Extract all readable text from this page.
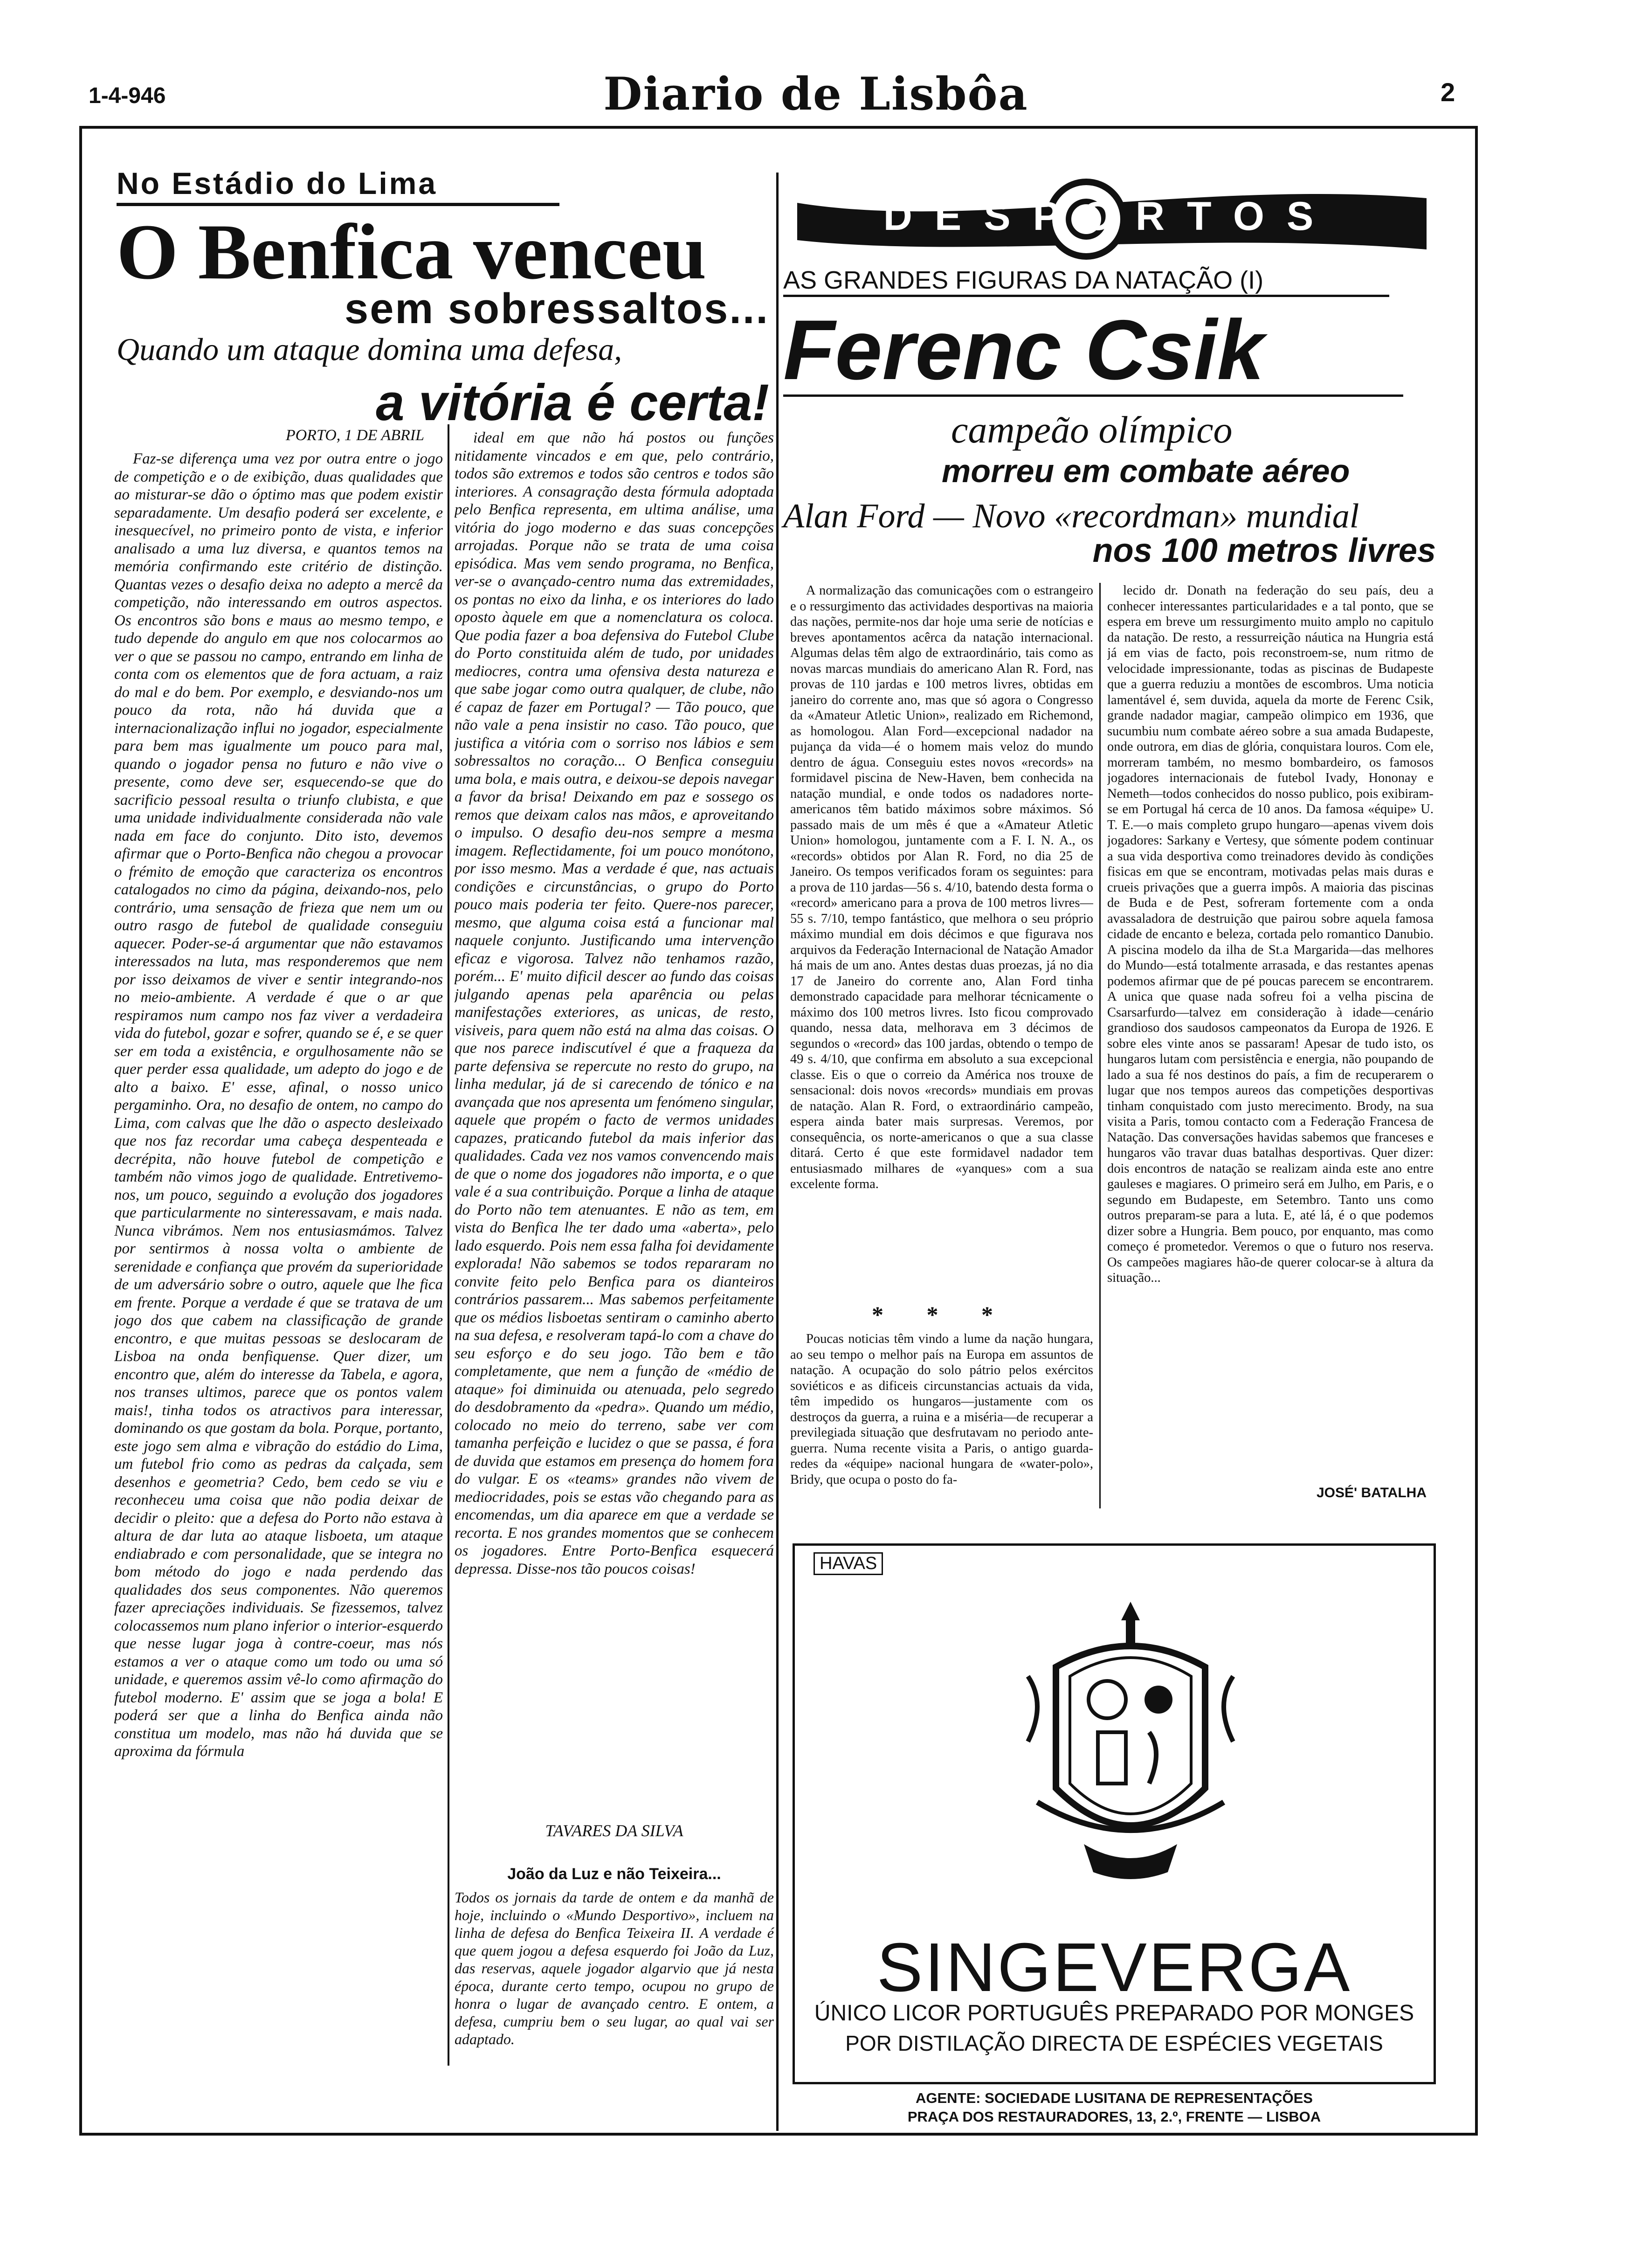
1-4-946	Diario de Lisbôa	2
No Estádio do Lima
O Benfica venceu
sem sobressaltos...
Quando um ataque domina uma defesa,
a vitória é certa!
PORTO, 1 DE ABRIL
Faz-se diferença uma vez por outra entre o jogo de competição e o de exibição, duas qualidades que ao misturar-se dão o óptimo mas que podem existir separadamente. Um desafio poderá ser excelente, e inesquecível, no primeiro ponto de vista, e inferior analisado a uma luz diversa, e quantos temos na memória confirmando este critério de distinção. Quantas vezes o desafio deixa no adepto a mercê da competição, não interessando em outros aspectos. Os encontros são bons e maus ao mesmo tempo, e tudo depende do angulo em que nos colocarmos ao ver o que se passou no campo, entrando em linha de conta com os elementos que de fora actuam, a raiz do mal e do bem. Por exemplo, e desviando-nos um pouco da rota, não há duvida que a internacionalização influi no jogador, especialmente para bem mas igualmente um pouco para mal, quando o jogador pensa no futuro e não vive o presente, como deve ser, esquecendo-se que do sacrificio pessoal resulta o triunfo clubista, e que uma unidade individualmente considerada não vale nada em face do conjunto. Dito isto, devemos afirmar que o Porto-Benfica não chegou a provocar o frémito de emoção que caracteriza os encontros catalogados no cimo da página, deixando-nos, pelo contrário, uma sensação de frieza que nem um ou outro rasgo de futebol de qualidade conseguiu aquecer. Poder-se-á argumentar que não estavamos interessados na luta, mas responderemos que nem por isso deixamos de viver e sentir integrando-nos no meio-ambiente. A verdade é que o ar que respiramos num campo nos faz viver a verdadeira vida do futebol, gozar e sofrer, quando se é, e se quer ser em toda a existência, e orgulhosamente não se quer perder essa qualidade, um adepto do jogo e de alto a baixo. E' esse, afinal, o nosso unico pergaminho. Ora, no desafio de ontem, no campo do Lima, com calvas que lhe dão o aspecto desleixado que nos faz recordar uma cabeça despenteada e decrépita, não houve futebol de competição e também não vimos jogo de qualidade. Entretivemo-nos, um pouco, seguindo a evolução dos jogadores que particularmente no sinteressavam, e mais nada. Nunca vibrámos. Nem nos entusiasmámos. Talvez por sentirmos à nossa volta o ambiente de serenidade e confiança que provém da superioridade de um adversário sobre o outro, aquele que lhe fica em frente. Porque a verdade é que se tratava de um jogo dos que cabem na classificação de grande encontro, e que muitas pessoas se deslocaram de Lisboa na onda benfiquense. Quer dizer, um encontro que, além do interesse da Tabela, e agora, nos transes ultimos, parece que os pontos valem mais!, tinha todos os atractivos para interessar, dominando os que gostam da bola. Porque, portanto, este jogo sem alma e vibração do estádio do Lima, um futebol frio como as pedras da calçada, sem desenhos e geometria? Cedo, bem cedo se viu e reconheceu uma coisa que não podia deixar de decidir o pleito: que a defesa do Porto não estava à altura de dar luta ao ataque lisboeta, um ataque endiabrado e com personalidade, que se integra no bom método do jogo e nada perdendo das qualidades dos seus componentes. Não queremos fazer apreciações individuais. Se fizessemos, talvez colocassemos num plano inferior o interior-esquerdo que nesse lugar joga à contre-coeur, mas nós estamos a ver o ataque como um todo ou uma só unidade, e queremos assim vê-lo como afirmação do futebol moderno. E' assim que se joga a bola! E poderá ser que a linha do Benfica ainda não constitua um modelo, mas não há duvida que se aproxima da fórmula
ideal em que não há postos ou funções nitidamente vincados e em que, pelo contrário, todos são extremos e todos são centros e todos são interiores. A consagração desta fórmula adoptada pelo Benfica representa, em ultima análise, uma vitória do jogo moderno e das suas concepções arrojadas. Porque não se trata de uma coisa episódica. Mas vem sendo programa, no Benfica, ver-se o avançado-centro numa das extremidades, os pontas no eixo da linha, e os interiores do lado oposto àquele em que a nomenclatura os coloca. Que podia fazer a boa defensiva do Futebol Clube do Porto constituida além de tudo, por unidades mediocres, contra uma ofensiva desta natureza e que sabe jogar como outra qualquer, de clube, não é capaz de fazer em Portugal? — Tão pouco, que não vale a pena insistir no caso. Tão pouco, que justifica a vitória com o sorriso nos lábios e sem sobressaltos no coração... O Benfica conseguiu uma bola, e mais outra, e deixou-se depois navegar a favor da brisa! Deixando em paz e sossego os remos que deixam calos nas mãos, e aproveitando o impulso. O desafio deu-nos sempre a mesma imagem. Reflectidamente, foi um pouco monótono, por isso mesmo. Mas a verdade é que, nas actuais condições e circunstâncias, o grupo do Porto pouco mais poderia ter feito. Quere-nos parecer, mesmo, que alguma coisa está a funcionar mal naquele conjunto. Justificando uma intervenção eficaz e vigorosa. Talvez não tenhamos razão, porém... E' muito dificil descer ao fundo das coisas julgando apenas pela aparência ou pelas manifestações exteriores, as unicas, de resto, visiveis, para quem não está na alma das coisas. O que nos parece indiscutível é que a fraqueza da parte defensiva se repercute no resto do grupo, na linha medular, já de si carecendo de tónico e na avançada que nos apresenta um fenómeno singular, aquele que propém o facto de vermos unidades capazes, praticando futebol da mais inferior das qualidades. Cada vez nos vamos convencendo mais de que o nome dos jogadores não importa, e o que vale é a sua contribuição. Porque a linha de ataque do Porto não tem atenuantes. E não as tem, em vista do Benfica lhe ter dado uma «aberta», pelo lado esquerdo. Pois nem essa falha foi devidamente explorada! Não sabemos se todos repararam no convite feito pelo Benfica para os dianteiros contrários passarem... Mas sabemos perfeitamente que os médios lisboetas sentiram o caminho aberto na sua defesa, e resolveram tapá-lo com a chave do seu esforço e do seu jogo. Tão bem e tão completamente, que nem a função de «médio de ataque» foi diminuida ou atenuada, pelo segredo do desdobramento da «pedra». Quando um médio, colocado no meio do terreno, sabe ver com tamanha perfeição e lucidez o que se passa, é fora de duvida que estamos em presença do homem fora do vulgar. E os «teams» grandes não vivem de mediocridades, pois se estas vão chegando para as encomendas, um dia aparece em que a verdade se recorta. E nos grandes momentos que se conhecem os jogadores. Entre Porto-Benfica esquecerá depressa. Disse-nos tão poucos coisas!
TAVARES DA SILVA
João da Luz e não Teixeira...
Todos os jornais da tarde de ontem e da manhã de hoje, incluindo o «Mundo Desportivo», incluem na linha de defesa do Benfica Teixeira II. A verdade é que quem jogou a defesa esquerdo foi João da Luz, das reservas, aquele jogador algarvio que já nesta época, durante certo tempo, ocupou no grupo de honra o lugar de avançado centro. E ontem, a defesa, cumpriu bem o seu lugar, ao qual vai ser adaptado.
DESPORTOS
AS GRANDES FIGURAS DA NATAÇÃO (I)
Ferenc Csik
campeão olímpico
morreu em combate aéreo
Alan Ford — Novo «recordman» mundial
nos 100 metros livres
A normalização das comunicações com o estrangeiro e o ressurgimento das actividades desportivas na maioria das nações, permite-nos dar hoje uma serie de notícias e breves apontamentos acêrca da natação internacional. Algumas delas têm algo de extraordinário, tais como as novas marcas mundiais do americano Alan R. Ford, nas provas de 110 jardas e 100 metros livres, obtidas em janeiro do corrente ano, mas que só agora o Congresso da «Amateur Atletic Union», realizado em Richemond, as homologou. Alan Ford—excepcional nadador na pujança da vida—é o homem mais veloz do mundo dentro de água. Conseguiu estes novos «records» na formidavel piscina de New-Haven, bem conhecida na natação mundial, e onde todos os nadadores norte-americanos têm batido máximos sobre máximos. Só passado mais de um mês é que a «Amateur Atletic Union» homologou, juntamente com a F. I. N. A., os «records» obtidos por Alan R. Ford, no dia 25 de Janeiro. Os tempos verificados foram os seguintes: para a prova de 110 jardas—56 s. 4/10, batendo desta forma o «record» americano para a prova de 100 metros livres—55 s. 7/10, tempo fantástico, que melhora o seu próprio máximo mundial em dois décimos e que figurava nos arquivos da Federação Internacional de Natação Amador há mais de um ano. Antes destas duas proezas, já no dia 17 de Janeiro do corrente ano, Alan Ford tinha demonstrado capacidade para melhorar técnicamente o máximo dos 100 metros livres. Isto ficou comprovado quando, nessa data, melhorava em 3 décimos de segundos o «record» das 100 jardas, obtendo o tempo de 49 s. 4/10, que confirma em absoluto a sua excepcional classe. Eis o que o correio da América nos trouxe de sensacional: dois novos «records» mundiais em provas de natação. Alan R. Ford, o extraordinário campeão, espera ainda bater mais surpresas. Veremos, por consequência, os norte-americanos o que a sua classe ditará. Certo é que este formidavel nadador tem entusiasmado milhares de «yanques» com a sua excelente forma.
* * *
Poucas noticias têm vindo a lume da nação hungara, ao seu tempo o melhor país na Europa em assuntos de natação. A ocupação do solo pátrio pelos exércitos soviéticos e as dificeis circunstancias actuais da vida, têm impedido os hungaros—justamente com os destroços da guerra, a ruina e a miséria—de recuperar a previlegiada situação que desfrutavam no periodo ante-guerra. Numa recente visita a Paris, o antigo guarda-redes da «équipe» nacional hungara de «water-polo», Bridy, que ocupa o posto do fa-
lecido dr. Donath na federação do seu país, deu a conhecer interessantes particularidades e a tal ponto, que se espera em breve um ressurgimento muito amplo no capitulo da natação. De resto, a ressurreição náutica na Hungria está já em vias de facto, pois reconstroem-se, num ritmo de velocidade impressionante, todas as piscinas de Budapeste que a guerra reduziu a montões de escombros. Uma noticia lamentável é, sem duvida, aquela da morte de Ferenc Csik, grande nadador magiar, campeão olimpico em 1936, que sucumbiu num combate aéreo sobre a sua amada Budapeste, onde outrora, em dias de glória, conquistara louros. Com ele, morreram também, no mesmo bombardeiro, os famosos jogadores internacionais de futebol Ivady, Hononay e Nemeth—todos conhecidos do nosso publico, pois exibiram-se em Portugal há cerca de 10 anos. Da famosa «équipe» U. T. E.—o mais completo grupo hungaro—apenas vivem dois jogadores: Sarkany e Vertesy, que sómente podem continuar a sua vida desportiva como treinadores devido às condições fisicas em que se encontram, motivadas pelas mais duras e crueis privações que a guerra impôs. A maioria das piscinas de Buda e de Pest, sofreram fortemente com a onda avassaladora de destruição que pairou sobre aquela famosa cidade de encanto e beleza, cortada pelo romantico Danubio. A piscina modelo da ilha de St.a Margarida—das melhores do Mundo—está totalmente arrasada, e das restantes apenas podemos afirmar que de pé poucas parecem se encontrarem. A unica que quase nada sofreu foi a velha piscina de Csarsarfurdo—talvez em consideração à idade—cenário grandioso dos saudosos campeonatos da Europa de 1926. E sobre eles vinte anos se passaram! Apesar de tudo isto, os hungaros lutam com persistência e energia, não poupando de lado a sua fé nos destinos do país, a fim de recuperarem o lugar que nos tempos aureos das competições desportivas tinham conquistado com justo merecimento. Brody, na sua visita a Paris, tomou contacto com a Federação Francesa de Natação. Das conversações havidas sabemos que franceses e hungaros vão travar duas batalhas desportivas. Quer dizer: dois encontros de natação se realizam ainda este ano entre gauleses e magiares. O primeiro será em Julho, em Paris, e o segundo em Budapeste, em Setembro. Tanto uns como outros preparam-se para a luta. E, até lá, é o que podemos dizer sobre a Hungria. Bem pouco, por enquanto, mas como começo é prometedor. Veremos o que o futuro nos reserva. Os campeões magiares hão-de querer colocar-se à altura da situação...
JOSÉ' BATALHA
HAVAS
SINGEVERGA
ÚNICO LICOR PORTUGUÊS PREPARADO POR MONGES
POR DISTILAÇÃO DIRECTA DE ESPÉCIES VEGETAIS
AGENTE: SOCIEDADE LUSITANA DE REPRESENTAÇÕES
PRAÇA DOS RESTAURADORES, 13, 2.º, FRENTE — LISBOA
